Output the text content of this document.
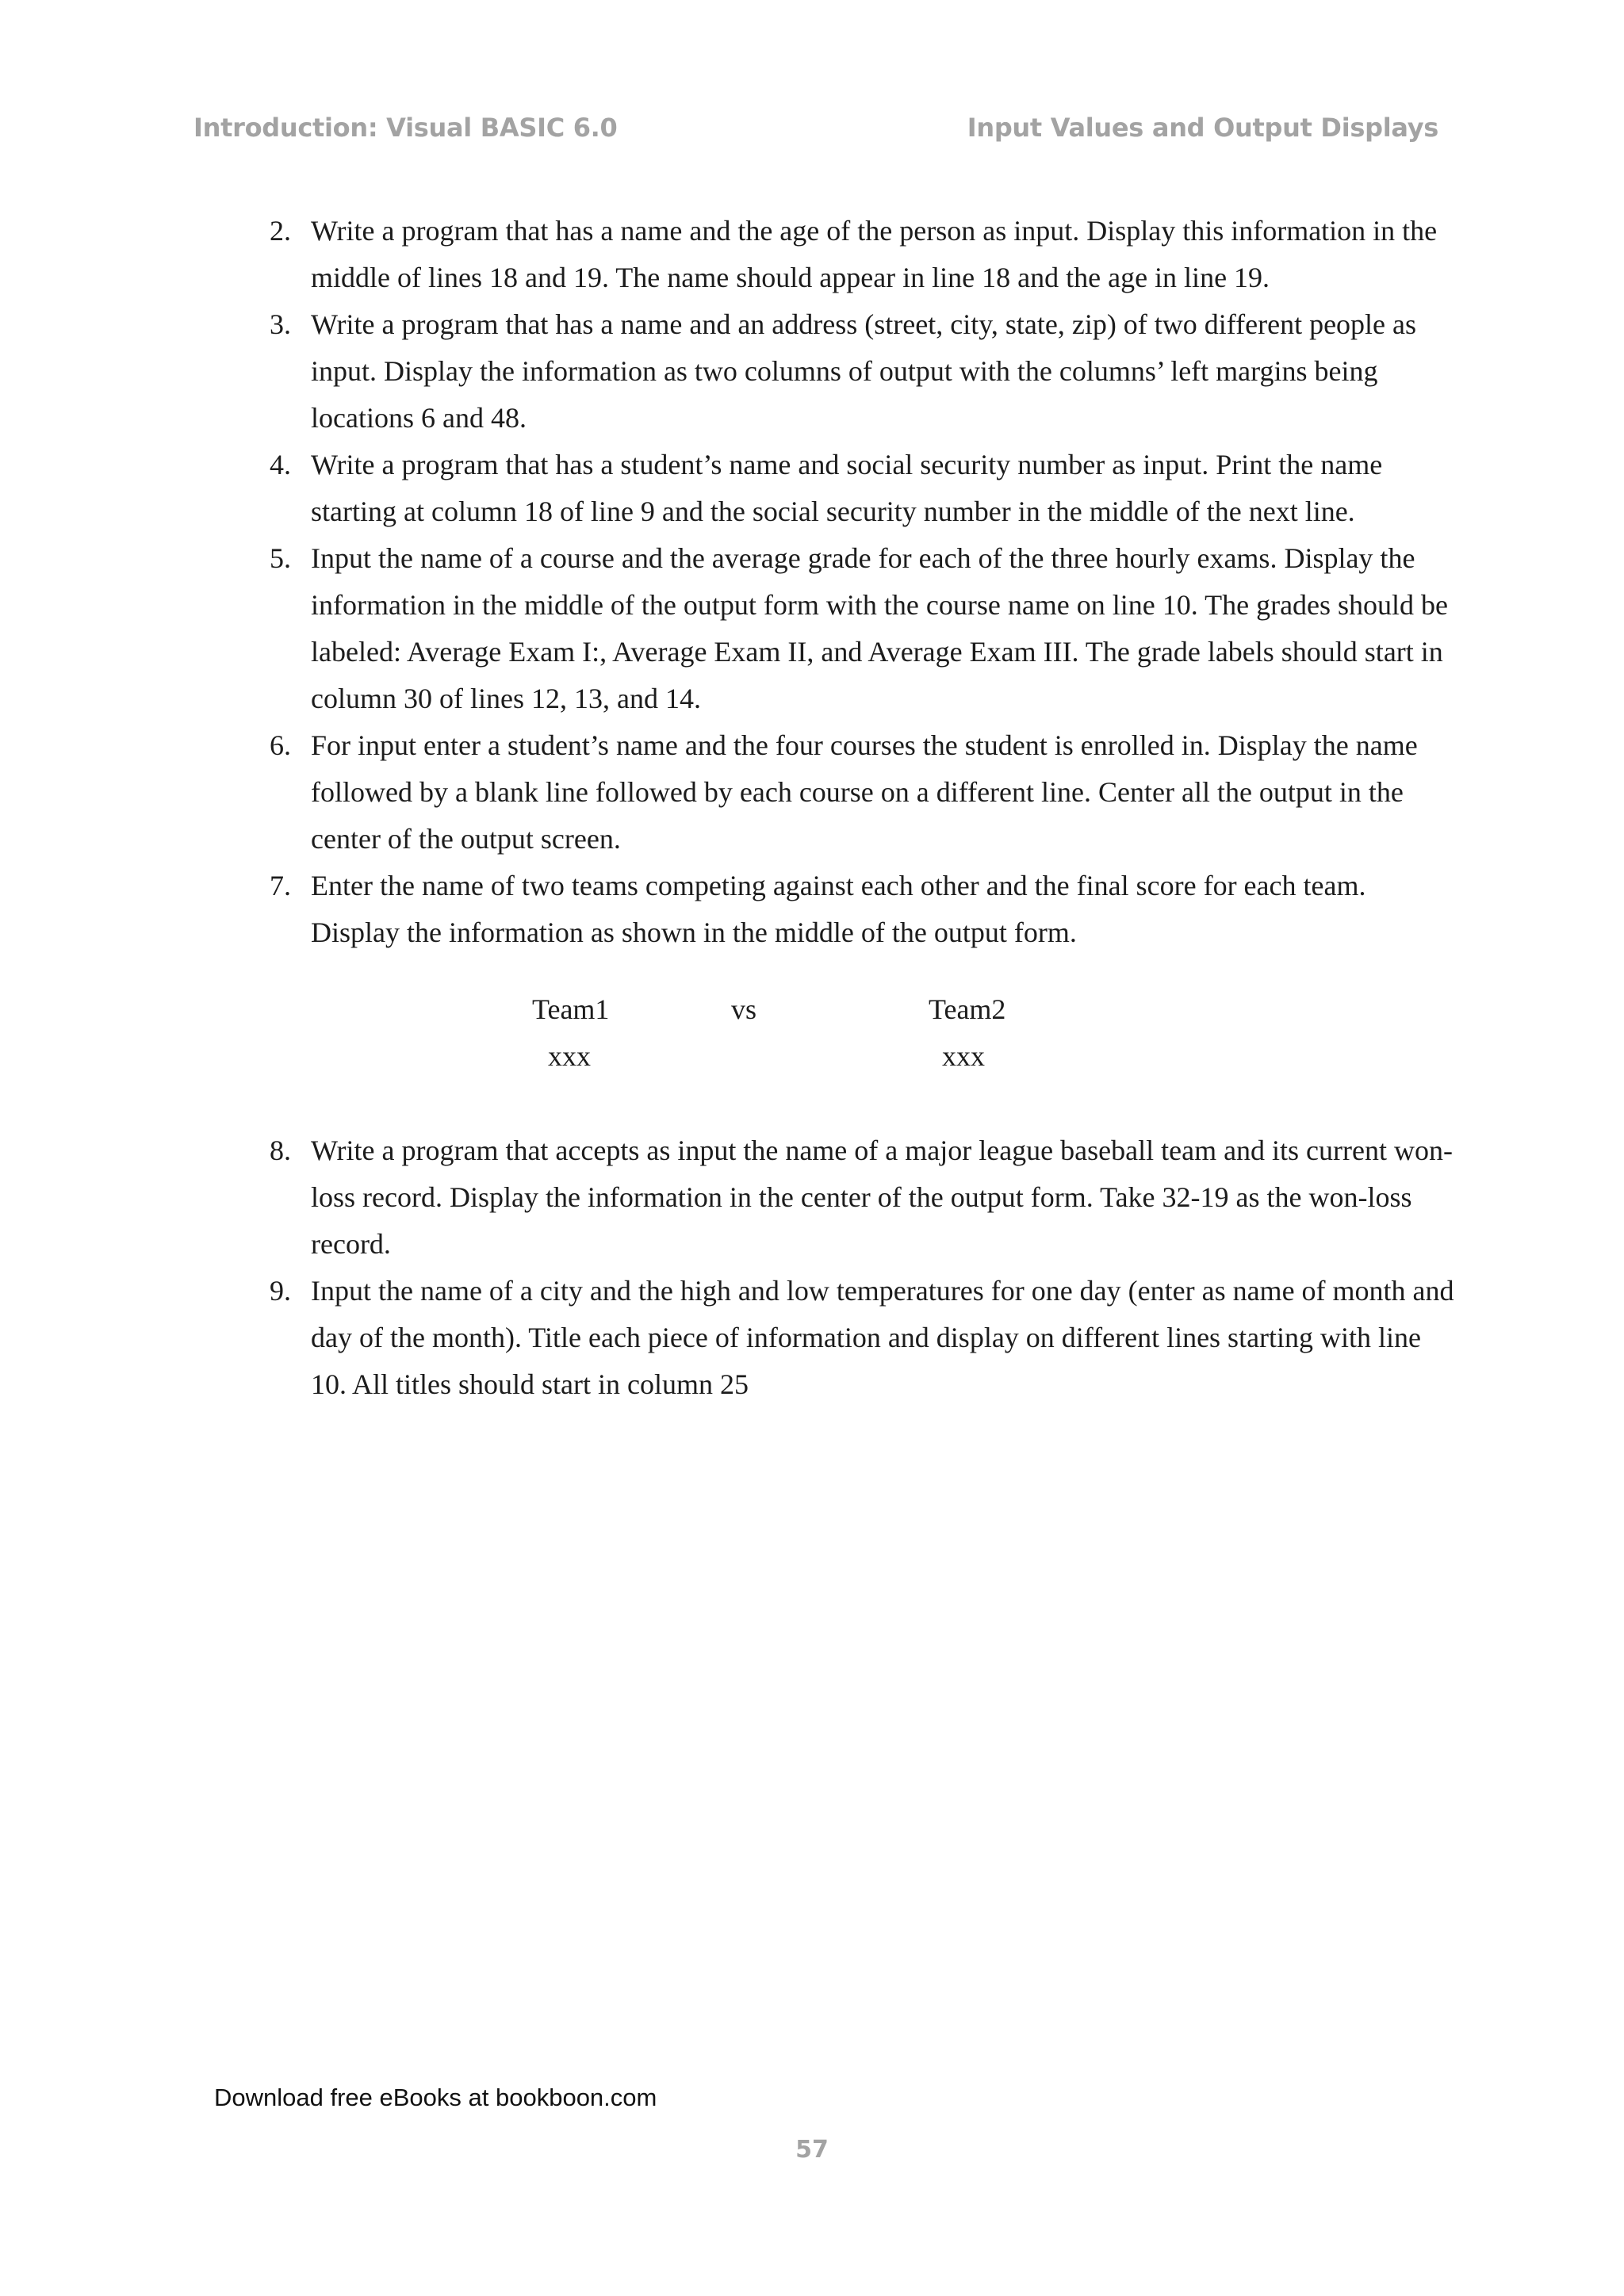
Introduction: Visual BASIC 6.0	Input Values and Output Displays
2. Write a program that has a name and the age of the person as input. Display this information in the middle of lines 18 and 19. The name should appear in line 18 and the age in line 19.
3. Write a program that has a name and an address (street, city, state, zip) of two different people as input. Display the information as two columns of output with the columns’ left margins being locations 6 and 48.
4. Write a program that has a student’s name and social security number as input. Print the name starting at column 18 of line 9 and the social security number in the middle of the next line.
5. Input the name of a course and the average grade for each of the three hourly exams. Display the information in the middle of the output form with the course name on line 10. The grades should be labeled: Average Exam I:, Average Exam II, and Average Exam III. The grade labels should start in column 30 of lines 12, 13, and 14.
6. For input enter a student’s name and the four courses the student is enrolled in. Display the name followed by a blank line followed by each course on a different line. Center all the output in the center of the output screen.
7. Enter the name of two teams competing against each other and the final score for each team. Display the information as shown in the middle of the output form.
Team1	vs	Team2
xxx	xxx
8. Write a program that accepts as input the name of a major league baseball team and its current won-loss record. Display the information in the center of the output form. Take 32-19 as the won-loss record.
9. Input the name of a city and the high and low temperatures for one day (enter as name of month and day of the month). Title each piece of information and display on different lines starting with line 10. All titles should start in column 25
Download free eBooks at bookboon.com
57
